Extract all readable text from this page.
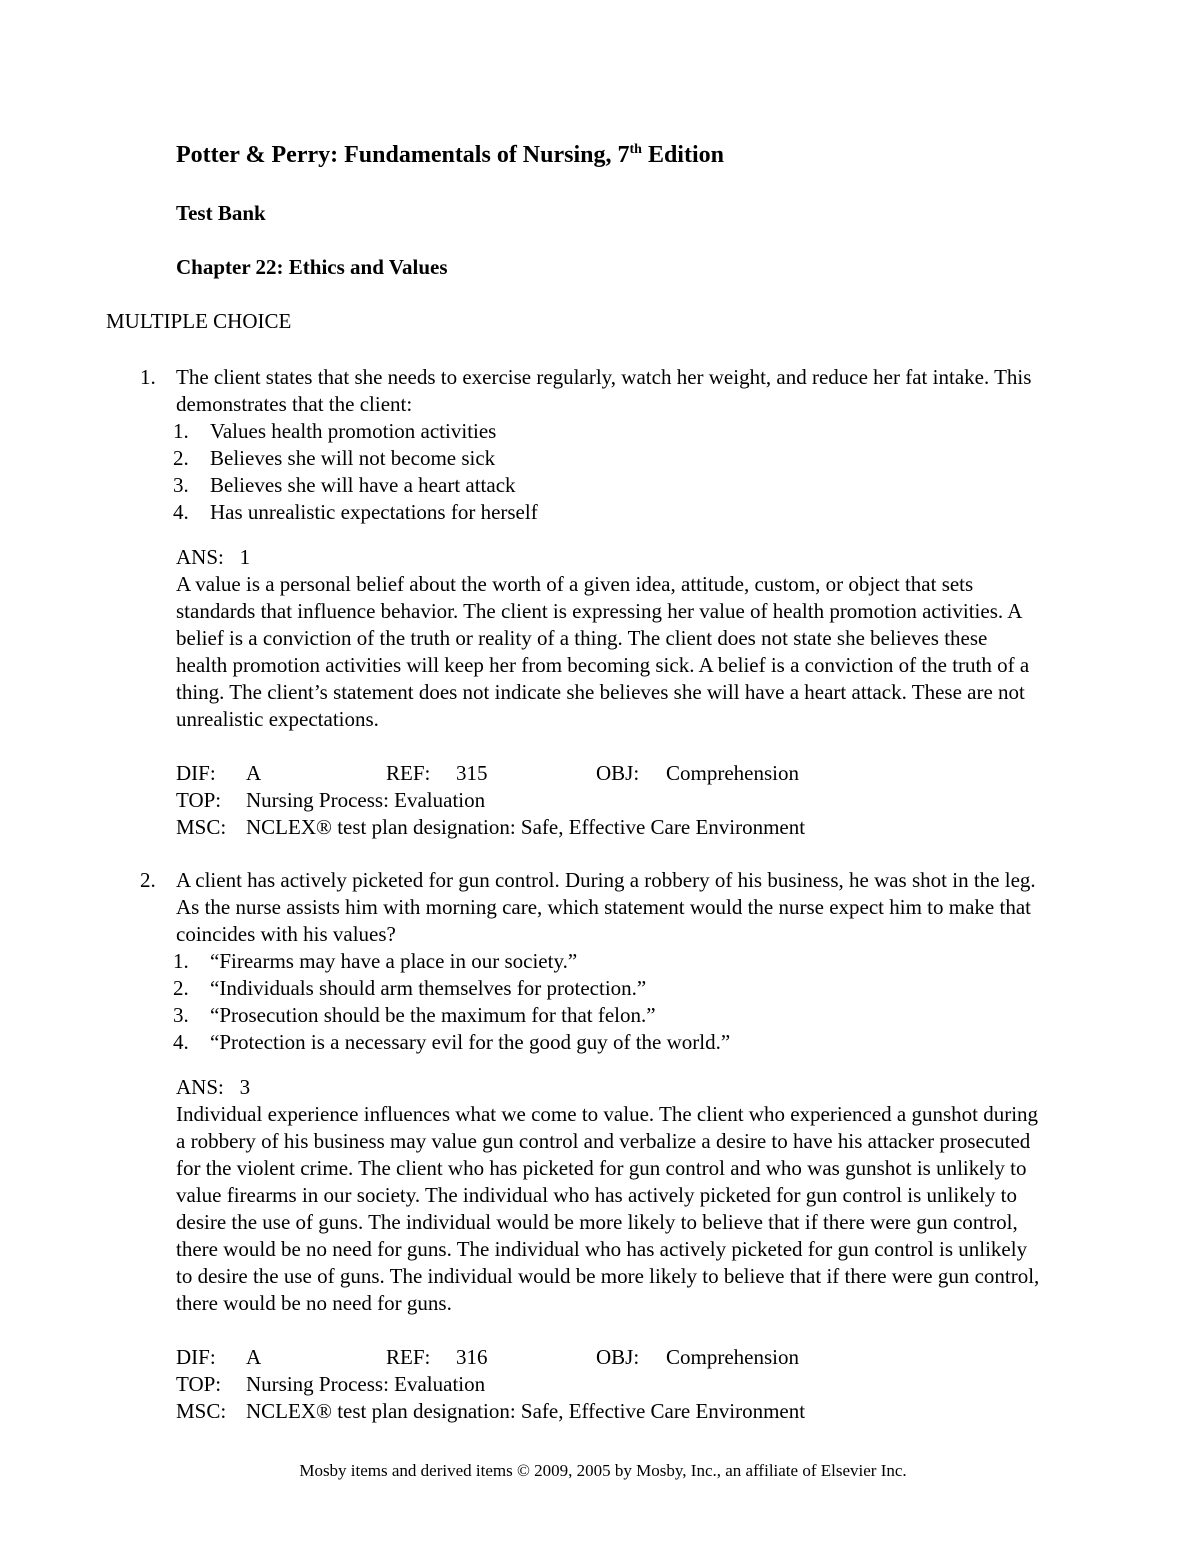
Potter & Perry: Fundamentals of Nursing, 7th Edition
Test Bank
Chapter 22: Ethics and Values
MULTIPLE CHOICE
1. The client states that she needs to exercise regularly, watch her weight, and reduce her fat intake. This demonstrates that the client:
1. Values health promotion activities
2. Believes she will not become sick
3. Believes she will have a heart attack
4. Has unrealistic expectations for herself
ANS: 1
A value is a personal belief about the worth of a given idea, attitude, custom, or object that sets standards that influence behavior. The client is expressing her value of health promotion activities. A belief is a conviction of the truth or reality of a thing. The client does not state she believes these health promotion activities will keep her from becoming sick. A belief is a conviction of the truth of a thing. The client’s statement does not indicate she believes she will have a heart attack. These are not unrealistic expectations.
DIF: A	REF: 315	OBJ: Comprehension
TOP: Nursing Process: Evaluation
MSC: NCLEX® test plan designation: Safe, Effective Care Environment
2. A client has actively picketed for gun control. During a robbery of his business, he was shot in the leg. As the nurse assists him with morning care, which statement would the nurse expect him to make that coincides with his values?
1. “Firearms may have a place in our society.”
2. “Individuals should arm themselves for protection.”
3. “Prosecution should be the maximum for that felon.”
4. “Protection is a necessary evil for the good guy of the world.”
ANS: 3
Individual experience influences what we come to value. The client who experienced a gunshot during a robbery of his business may value gun control and verbalize a desire to have his attacker prosecuted for the violent crime. The client who has picketed for gun control and who was gunshot is unlikely to value firearms in our society. The individual who has actively picketed for gun control is unlikely to desire the use of guns. The individual would be more likely to believe that if there were gun control, there would be no need for guns. The individual who has actively picketed for gun control is unlikely to desire the use of guns. The individual would be more likely to believe that if there were gun control, there would be no need for guns.
DIF: A	REF: 316	OBJ: Comprehension
TOP: Nursing Process: Evaluation
MSC: NCLEX® test plan designation: Safe, Effective Care Environment
Mosby items and derived items © 2009, 2005 by Mosby, Inc., an affiliate of Elsevier Inc.
